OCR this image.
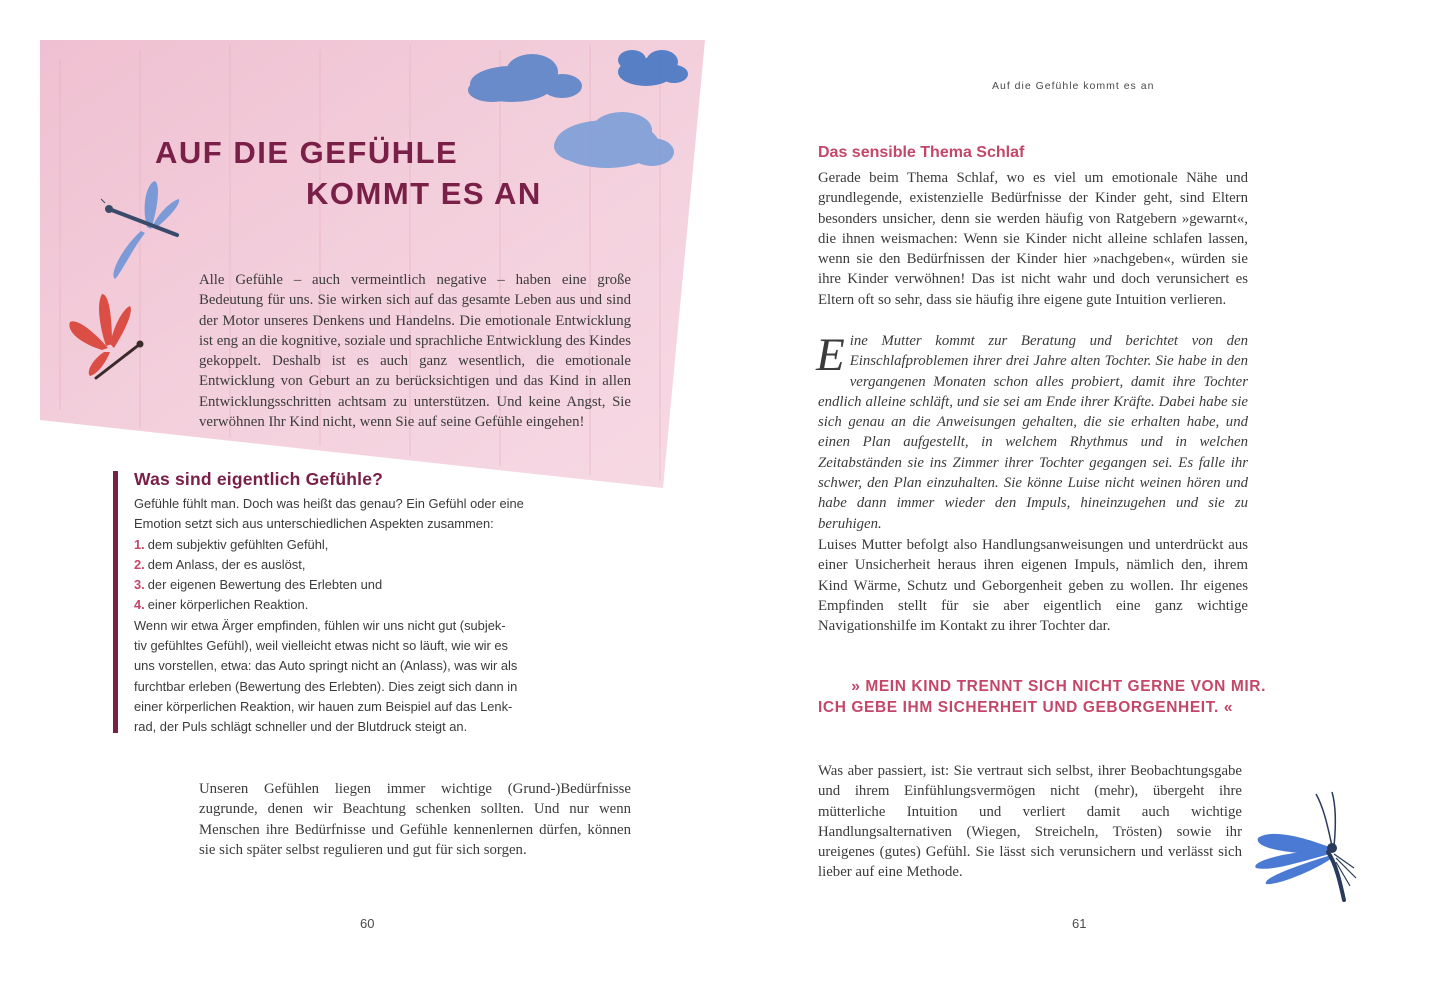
AUF DIE GEFÜHLE
KOMMT ES AN

Alle Gefühle – auch vermeintlich negative – haben eine große Bedeutung für uns. Sie wirken sich auf das gesamte Leben aus und sind der Motor unseres Denkens und Handelns. Die emotionale Entwicklung ist eng an die kognitive, soziale und sprachliche Entwicklung des Kindes gekoppelt. Deshalb ist es auch ganz wesentlich, die emotionale Entwicklung von Geburt an zu berücksichtigen und das Kind in allen Entwicklungsschritten achtsam zu unterstützen. Und keine Angst, Sie verwöhnen Ihr Kind nicht, wenn Sie auf seine Gefühle eingehen!

Was sind eigentlich Gefühle?
Gefühle fühlt man. Doch was heißt das genau? Ein Gefühl oder eine
Emotion setzt sich aus unterschiedlichen Aspekten zusammen:
1. dem subjektiv gefühlten Gefühl,
2. dem Anlass, der es auslöst,
3. der eigenen Bewertung des Erlebten und
4. einer körperlichen Reaktion.
Wenn wir etwa Ärger empfinden, fühlen wir uns nicht gut (subjek-
tiv gefühltes Gefühl), weil vielleicht etwas nicht so läuft, wie wir es
uns vorstellen, etwa: das Auto springt nicht an (Anlass), was wir als
furchtbar erleben (Bewertung des Erlebten). Dies zeigt sich dann in
einer körperlichen Reaktion, wir hauen zum Beispiel auf das Lenk-
rad, der Puls schlägt schneller und der Blutdruck steigt an.

Unseren Gefühlen liegen immer wichtige (Grund-)Bedürfnisse zugrunde, denen wir Beachtung schenken sollten. Und nur wenn Menschen ihre Bedürfnisse und Gefühle kennenlernen dürfen, können sie sich später selbst regulieren und gut für sich sorgen.

60

Auf die Gefühle kommt es an

Das sensible Thema Schlaf

Gerade beim Thema Schlaf, wo es viel um emotionale Nähe und grundlegende, existenzielle Bedürfnisse der Kinder geht, sind Eltern besonders unsicher, denn sie werden häufig von Ratgebern »gewarnt«, die ihnen weismachen: Wenn sie Kinder nicht alleine schlafen lassen, wenn sie den Bedürfnissen der Kinder hier »nachgeben«, würden sie ihre Kinder verwöhnen! Das ist nicht wahr und doch verunsichert es Eltern oft so sehr, dass sie häufig ihre eigene gute Intuition verlieren.

Eine Mutter kommt zur Beratung und berichtet von den Einschlafproblemen ihrer drei Jahre alten Tochter. Sie habe in den vergangenen Monaten schon alles probiert, damit ihre Tochter endlich alleine schläft, und sie sei am Ende ihrer Kräfte. Dabei habe sie sich genau an die Anweisungen gehalten, die sie erhalten habe, und einen Plan aufgestellt, in welchem Rhythmus und in welchen Zeitabständen sie ins Zimmer ihrer Tochter gegangen sei. Es falle ihr schwer, den Plan einzuhalten. Sie könne Luise nicht weinen hören und habe dann immer wieder den Impuls, hineinzugehen und sie zu beruhigen.

Luises Mutter befolgt also Handlungsanweisungen und unterdrückt aus einer Unsicherheit heraus ihren eigenen Impuls, nämlich den, ihrem Kind Wärme, Schutz und Geborgenheit geben zu wollen. Ihr eigenes Empfinden stellt für sie aber eigentlich eine ganz wichtige Navigationshilfe im Kontakt zu ihrer Tochter dar.

» MEIN KIND TRENNT SICH NICHT GERNE VON MIR.
ICH GEBE IHM SICHERHEIT UND GEBORGENHEIT. «

Was aber passiert, ist: Sie vertraut sich selbst, ihrer Beobachtungsgabe und ihrem Einfühlungsvermögen nicht (mehr), übergeht ihre mütterliche Intuition und verliert damit auch wichtige Handlungsalternativen (Wiegen, Streicheln, Trösten) sowie ihr ureigenes (gutes) Gefühl. Sie lässt sich verunsichern und verlässt sich lieber auf eine Methode.

61
